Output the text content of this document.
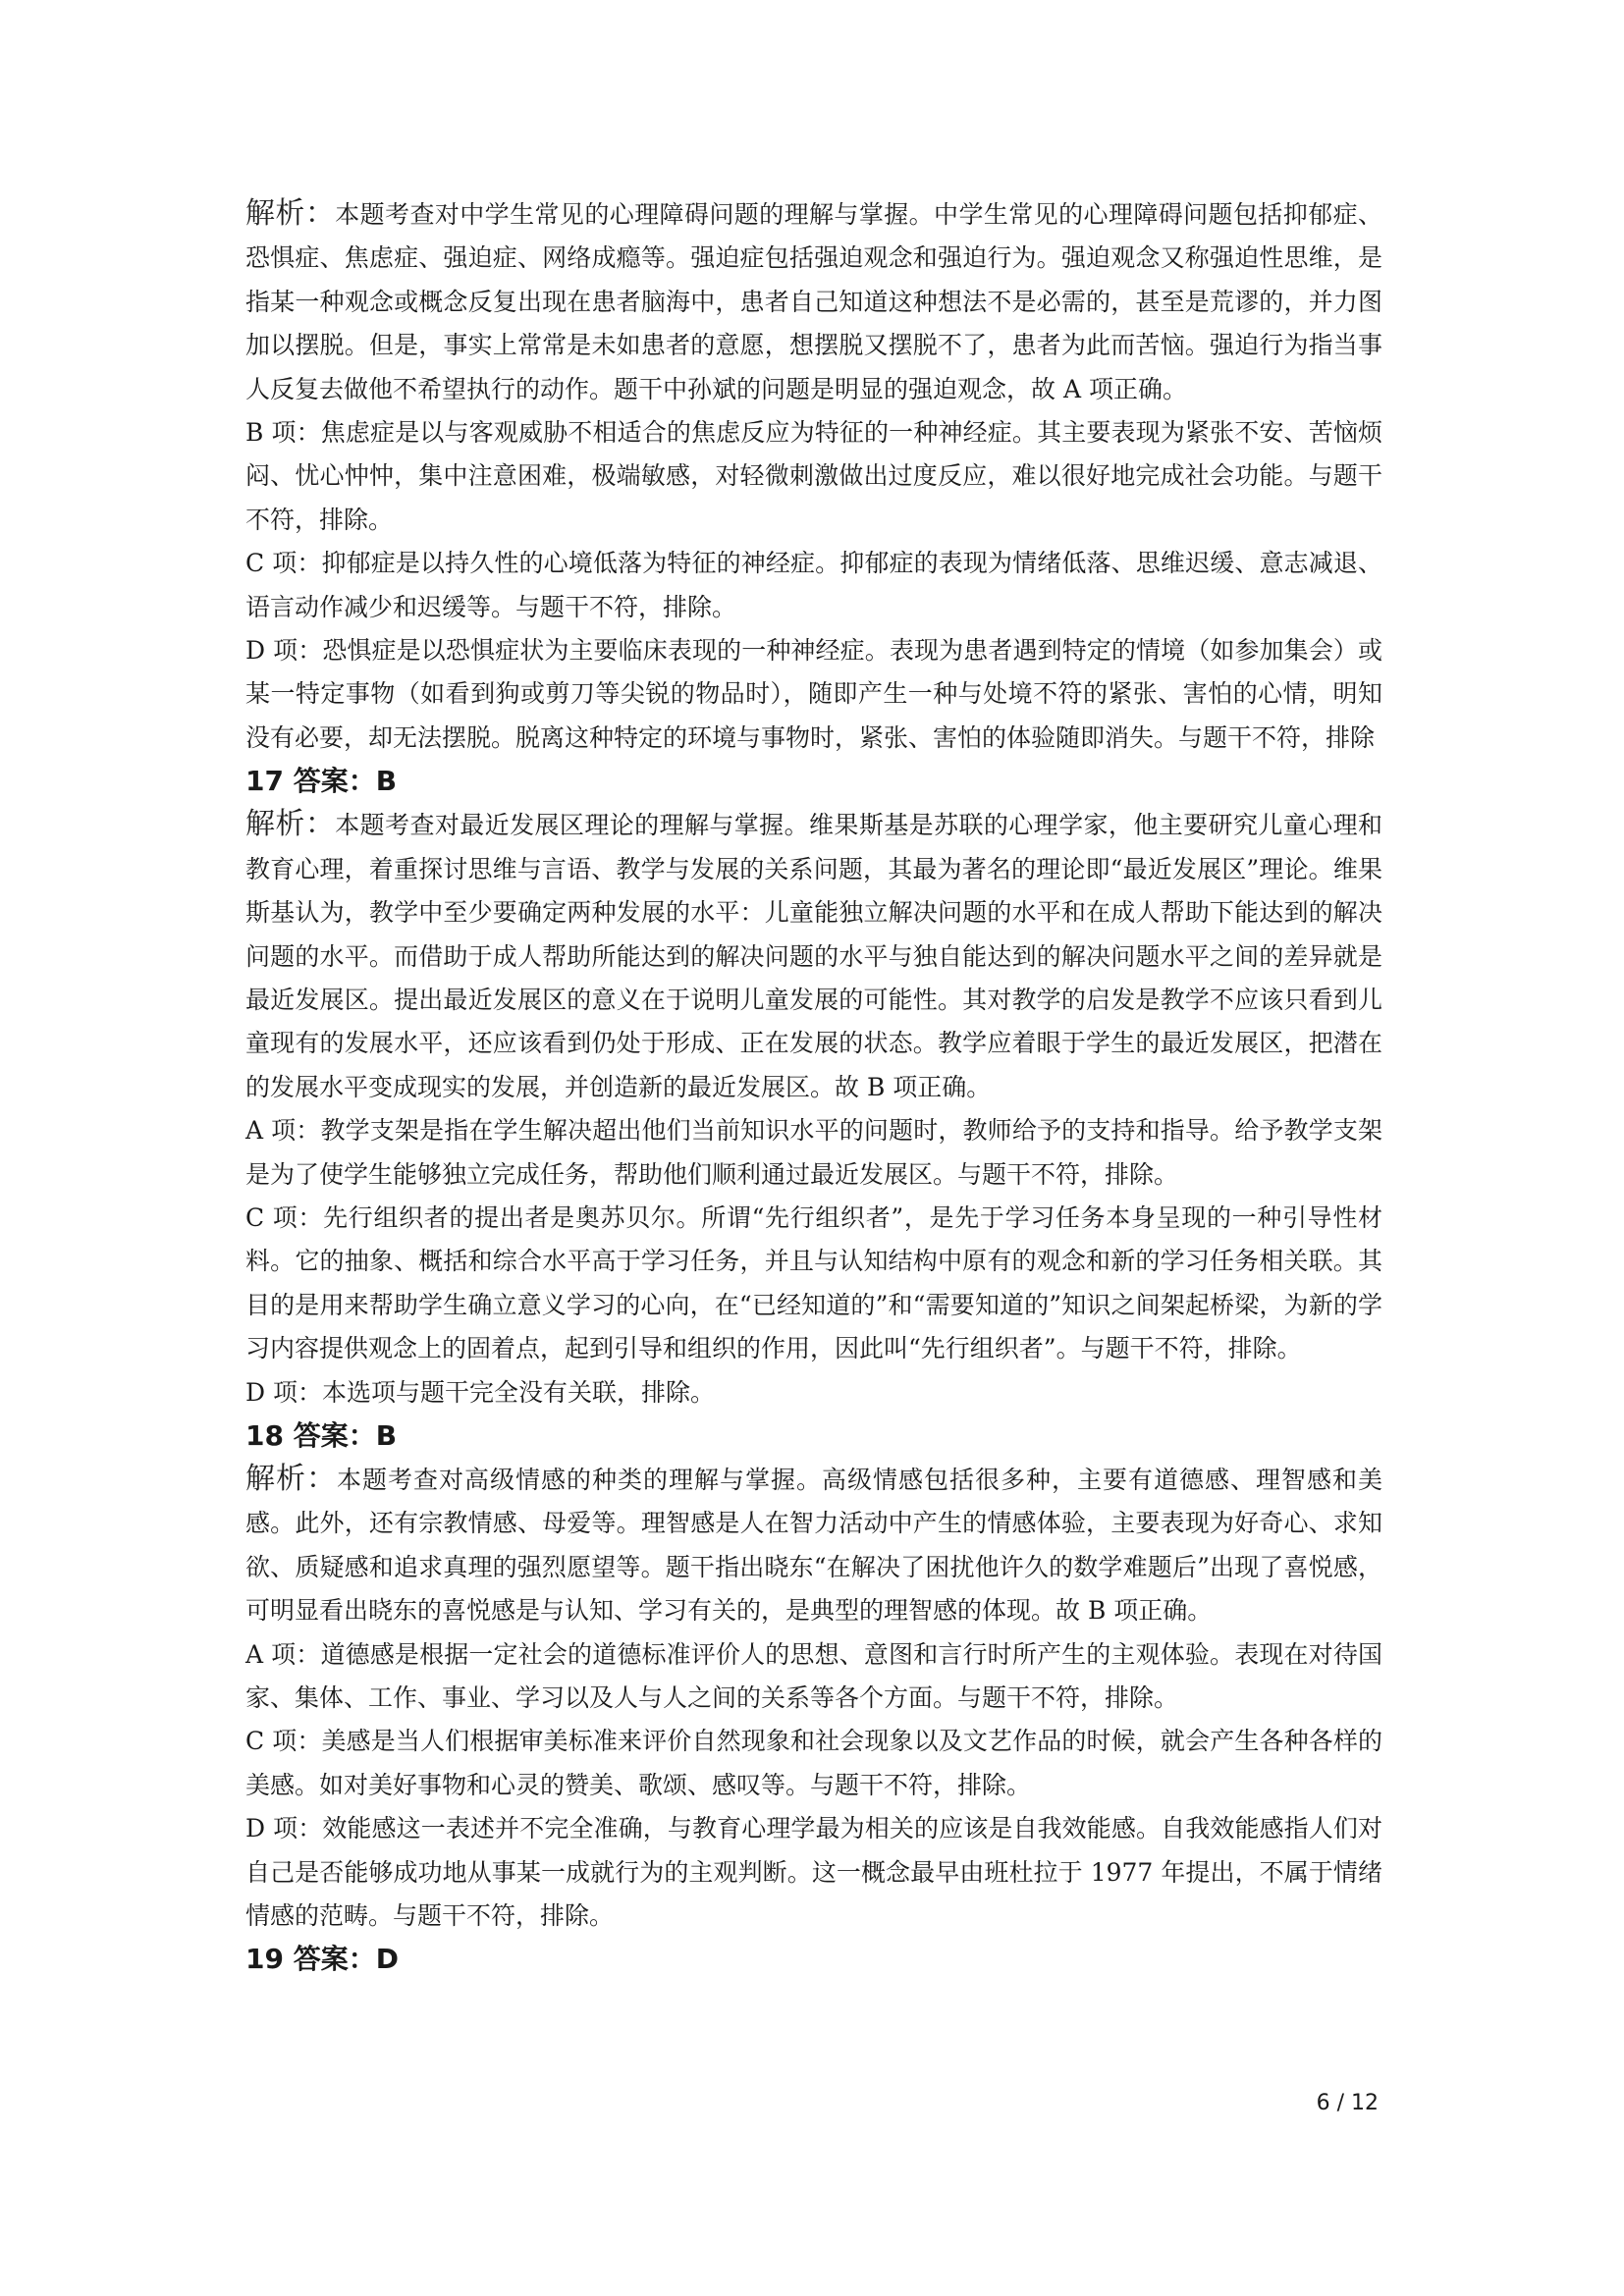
解析：本题考查对中学生常见的心理障碍问题的理解与掌握。中学生常见的心理障碍问题包括抑郁症、恐惧症、焦虑症、强迫症、网络成瘾等。强迫症包括强迫观念和强迫行为。强迫观念又称强迫性思维，是指某一种观念或概念反复出现在患者脑海中，患者自己知道这种想法不是必需的，甚至是荒谬的，并力图加以摆脱。但是，事实上常常是未如患者的意愿，想摆脱又摆脱不了，患者为此而苦恼。强迫行为指当事人反复去做他不希望执行的动作。题干中孙斌的问题是明显的强迫观念，故 A 项正确。

B 项：焦虑症是以与客观威胁不相适合的焦虑反应为特征的一种神经症。其主要表现为紧张不安、苦恼烦闷、忧心忡忡，集中注意困难，极端敏感，对轻微刺激做出过度反应，难以很好地完成社会功能。与题干不符，排除。

C 项：抑郁症是以持久性的心境低落为特征的神经症。抑郁症的表现为情绪低落、思维迟缓、意志减退、语言动作减少和迟缓等。与题干不符，排除。

D 项：恐惧症是以恐惧症状为主要临床表现的一种神经症。表现为患者遇到特定的情境（如参加集会）或某一特定事物（如看到狗或剪刀等尖锐的物品时），随即产生一种与处境不符的紧张、害怕的心情，明知没有必要，却无法摆脱。脱离这种特定的环境与事物时，紧张、害怕的体验随即消失。与题干不符，排除

17 答案：B

解析：本题考查对最近发展区理论的理解与掌握。维果斯基是苏联的心理学家，他主要研究儿童心理和教育心理，着重探讨思维与言语、教学与发展的关系问题，其最为著名的理论即“最近发展区”理论。维果斯基认为，教学中至少要确定两种发展的水平：儿童能独立解决问题的水平和在成人帮助下能达到的解决问题的水平。而借助于成人帮助所能达到的解决问题的水平与独自能达到的解决问题水平之间的差异就是最近发展区。提出最近发展区的意义在于说明儿童发展的可能性。其对教学的启发是教学不应该只看到儿童现有的发展水平，还应该看到仍处于形成、正在发展的状态。教学应着眼于学生的最近发展区，把潜在的发展水平变成现实的发展，并创造新的最近发展区。故 B 项正确。

A 项：教学支架是指在学生解决超出他们当前知识水平的问题时，教师给予的支持和指导。给予教学支架是为了使学生能够独立完成任务，帮助他们顺利通过最近发展区。与题干不符，排除。

C 项：先行组织者的提出者是奥苏贝尔。所谓“先行组织者”，是先于学习任务本身呈现的一种引导性材料。它的抽象、概括和综合水平高于学习任务，并且与认知结构中原有的观念和新的学习任务相关联。其目的是用来帮助学生确立意义学习的心向，在“已经知道的”和“需要知道的”知识之间架起桥梁，为新的学习内容提供观念上的固着点，起到引导和组织的作用，因此叫“先行组织者”。与题干不符，排除。

D 项：本选项与题干完全没有关联，排除。

18 答案：B

解析：本题考查对高级情感的种类的理解与掌握。高级情感包括很多种，主要有道德感、理智感和美感。此外，还有宗教情感、母爱等。理智感是人在智力活动中产生的情感体验，主要表现为好奇心、求知欲、质疑感和追求真理的强烈愿望等。题干指出晓东“在解决了困扰他许久的数学难题后”出现了喜悦感，可明显看出晓东的喜悦感是与认知、学习有关的，是典型的理智感的体现。故 B 项正确。

A 项：道德感是根据一定社会的道德标准评价人的思想、意图和言行时所产生的主观体验。表现在对待国家、集体、工作、事业、学习以及人与人之间的关系等各个方面。与题干不符，排除。

C 项：美感是当人们根据审美标准来评价自然现象和社会现象以及文艺作品的时候，就会产生各种各样的美感。如对美好事物和心灵的赞美、歌颂、感叹等。与题干不符，排除。

D 项：效能感这一表述并不完全准确，与教育心理学最为相关的应该是自我效能感。自我效能感指人们对自己是否能够成功地从事某一成就行为的主观判断。这一概念最早由班杜拉于 1977 年提出，不属于情绪情感的范畴。与题干不符，排除。

19 答案：D

6 / 12
